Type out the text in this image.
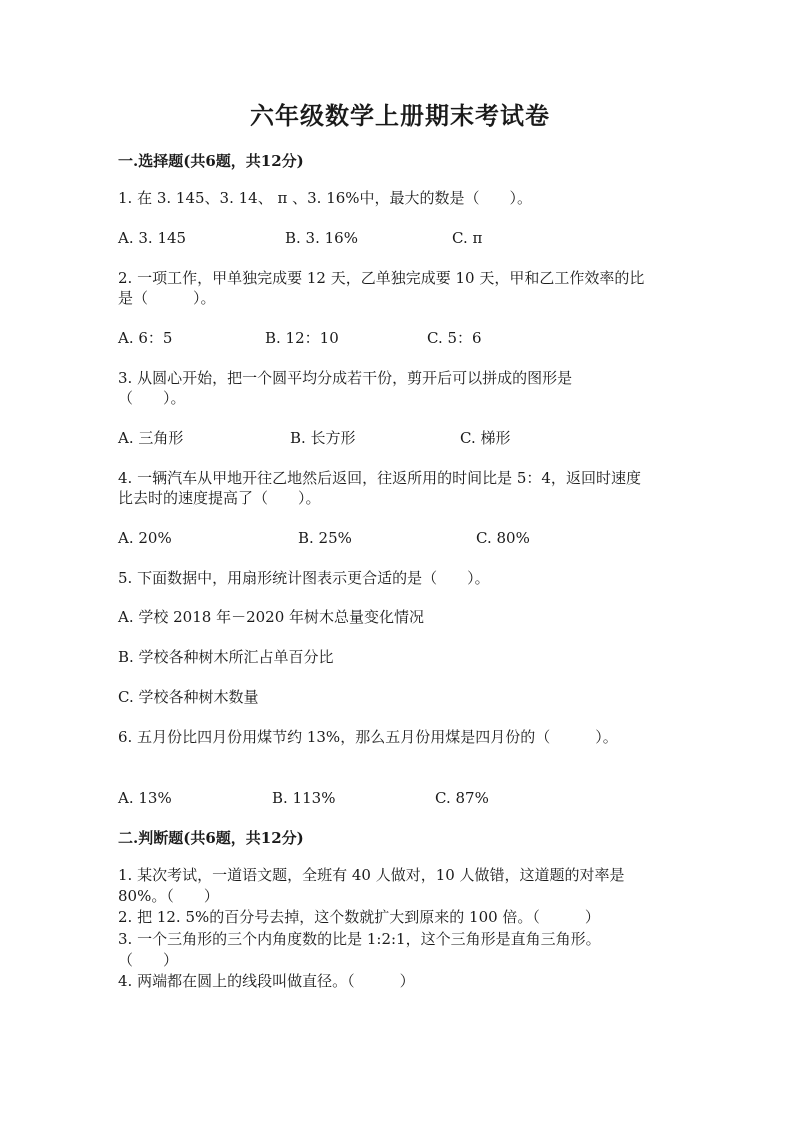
六年级数学上册期末考试卷

一.选择题(共6题，共12分)

1. 在 3. 145、3. 14、 π 、3. 16%中，最大的数是（　　）。

A. 3. 145	B. 3. 16%	C. π

2. 一项工作，甲单独完成要 12 天，乙单独完成要 10 天，甲和乙工作效率的比

是（　　　）。

A. 6：5	B. 12：10	C. 5：6

3. 从圆心开始，把一个圆平均分成若干份，剪开后可以拼成的图形是

（　　）。

A. 三角形	B. 长方形	C. 梯形

4. 一辆汽车从甲地开往乙地然后返回，往返所用的时间比是 5：4，返回时速度

比去时的速度提高了（　　）。

A. 20%	B. 25%	C. 80%

5. 下面数据中，用扇形统计图表示更合适的是（　　）。

A. 学校 2018 年－2020 年树木总量变化情况
B. 学校各种树木所汇占单百分比
C. 学校各种树木数量

6. 五月份比四月份用煤节约 13%，那么五月份用煤是四月份的（　　　）。

A. 13%	B. 113%	C. 87%

二.判断题(共6题，共12分)

1. 某次考试，一道语文题，全班有 40 人做对，10 人做错，这道题的对率是

80%。（　　）

2. 把 12. 5%的百分号去掉，这个数就扩大到原来的 100 倍。（　　　）

3. 一个三角形的三个内角度数的比是 1:2:1，这个三角形是直角三角形。

（　　）

4. 两端都在圆上的线段叫做直径。（　　　）
